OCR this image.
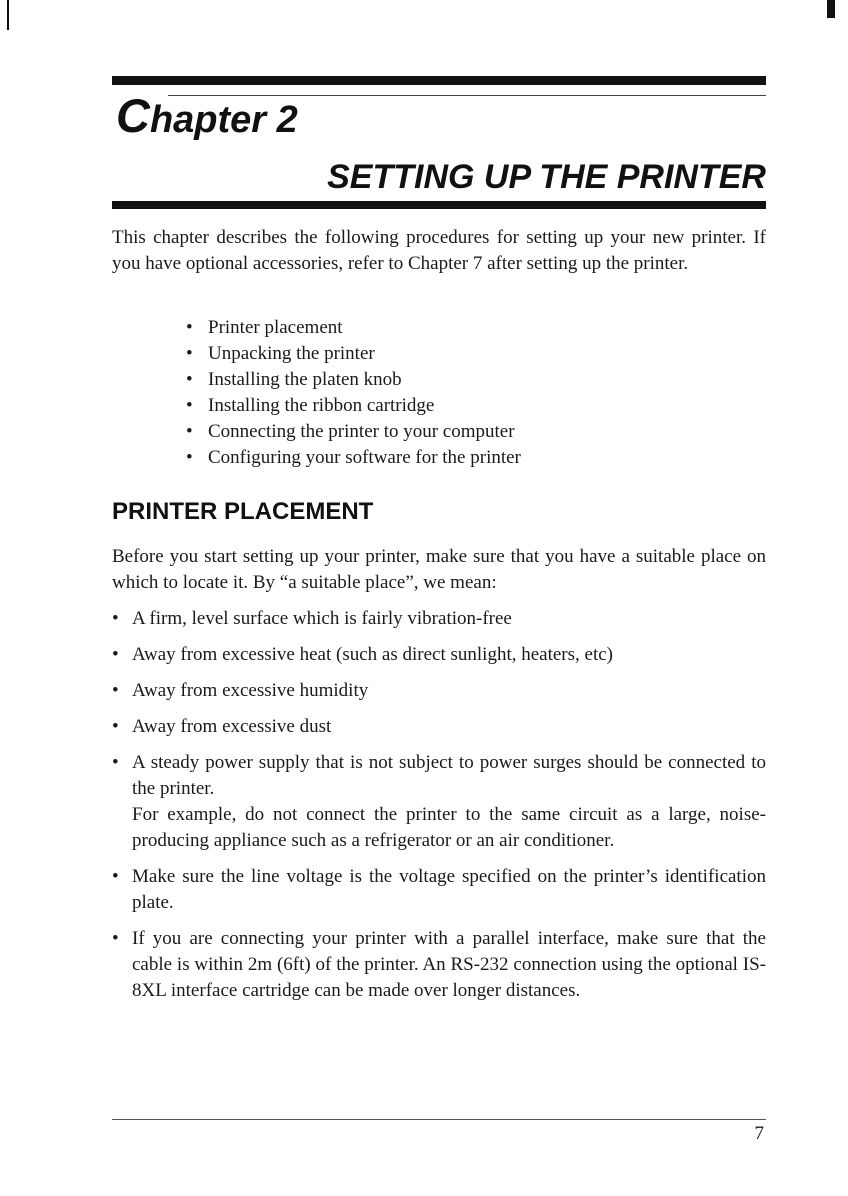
Chapter 2
SETTING UP THE PRINTER

This chapter describes the following procedures for setting up your new printer. If you have optional accessories, refer to Chapter 7 after setting up the printer.

• Printer placement
• Unpacking the printer
• Installing the platen knob
• Installing the ribbon cartridge
• Connecting the printer to your computer
• Configuring your software for the printer
PRINTER PLACEMENT

Before you start setting up your printer, make sure that you have a suitable place on which to locate it. By “a suitable place”, we mean:

• A firm, level surface which is fairly vibration-free
• Away from excessive heat (such as direct sunlight, heaters, etc)
• Away from excessive humidity
• Away from excessive dust
• A steady power supply that is not subject to power surges should be connected to the printer.
For example, do not connect the printer to the same circuit as a large, noise-producing appliance such as a refrigerator or an air conditioner.
• Make sure the line voltage is the voltage specified on the printer’s identification plate.
• If you are connecting your printer with a parallel interface, make sure that the cable is within 2m (6ft) of the printer. An RS-232 connection using the optional IS-8XL interface cartridge can be made over longer distances.

7
